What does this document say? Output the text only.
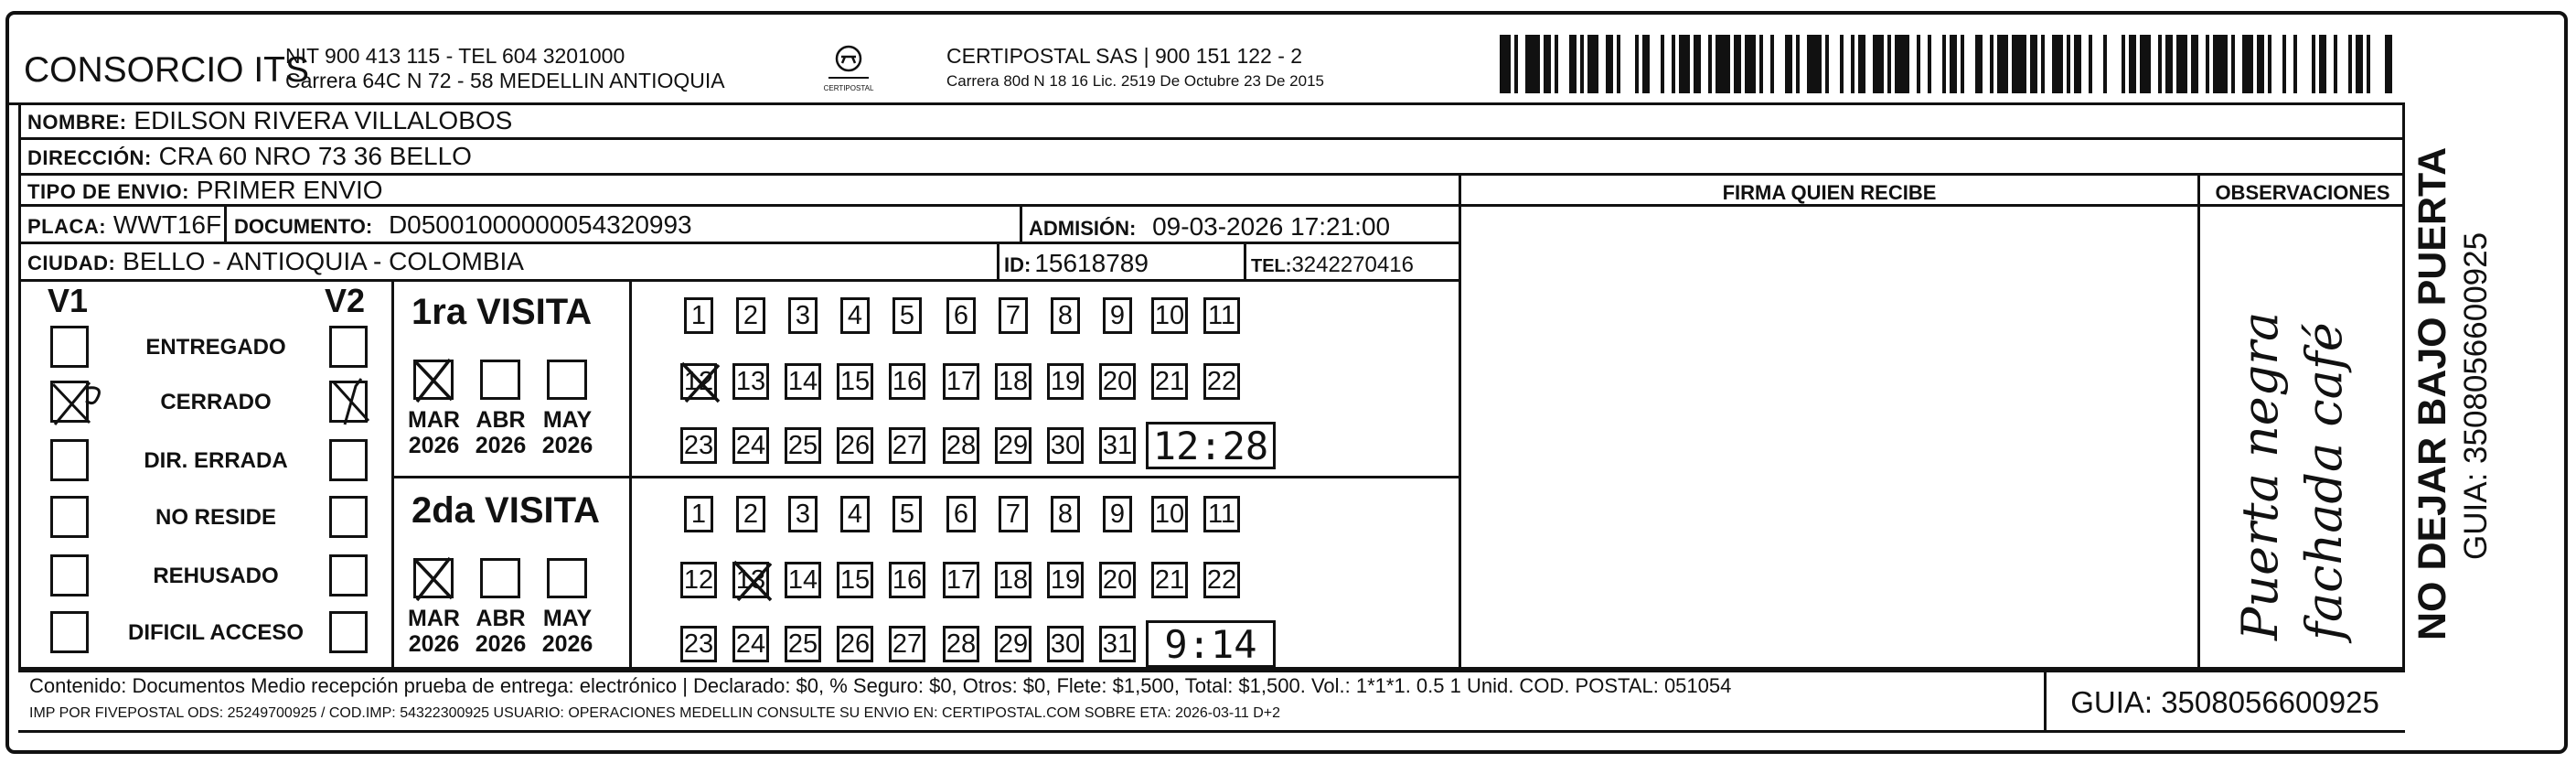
CONSORCIO ITS
NIT 900 413 115 - TEL 604 3201000
Carrera 64C N 72 - 58 MEDELLIN ANTIOQUIA	CERTIPOSTAL
CERTIPOSTAL SAS | 900 151 122 - 2
Carrera 80d N 18 16 Lic. 2519 De Octubre 23 De 2015
NOMBRE: EDILSON RIVERA VILLALOBOS
DIRECCIÓN: CRA 60 NRO 73 36 BELLO
TIPO DE ENVIO: PRIMER ENVIO
PLACA: WWT16F DOCUMENTO: D05001000000054320993	ADMISIÓN: 09-03-2026 17:21:00
CIUDAD: BELLO - ANTIOQUIA - COLOMBIA	ID: 15618789	TEL:3242270416
FIRMA QUIEN RECIBE	OBSERVACIONES
V1	V2
ENTREGADO
CERRADO
DIR. ERRADA
NO RESIDE
REHUSADO
DIFICIL ACCESO
1ra VISITA
MAR
2026
ABR
2026
MAY
2026
1 2 3 4 5 6 7 8 9 10 11
12 13 14 15 16 17 18 19 20 21 22
23 24 25 26 27 28 29 30 31 12:28
2da VISITA
MAR
2026
ABR
2026
MAY
2026
1 2 3 4 5 6 7 8 9 10 11
12 13 14 15 16 17 18 19 20 21 22
23 24 25 26 27 28 29 30 31 9:14
Puerta negra fachada café NO DEJAR BAJO PUERTA GUIA: 3508056600925
Contenido: Documentos Medio recepción prueba de entrega: electrónico | Declarado: $0, % Seguro: $0, Otros: $0, Flete: $1,500, Total: $1,500. Vol.: 1*1*1. 0.5 1 Unid. COD. POSTAL: 051054
IMP POR FIVEPOSTAL ODS: 25249700925 / COD.IMP: 54322300925 USUARIO: OPERACIONES MEDELLIN CONSULTE SU ENVIO EN: CERTIPOSTAL.COM SOBRE ETA: 2026-03-11 D+2	GUIA: 3508056600925
